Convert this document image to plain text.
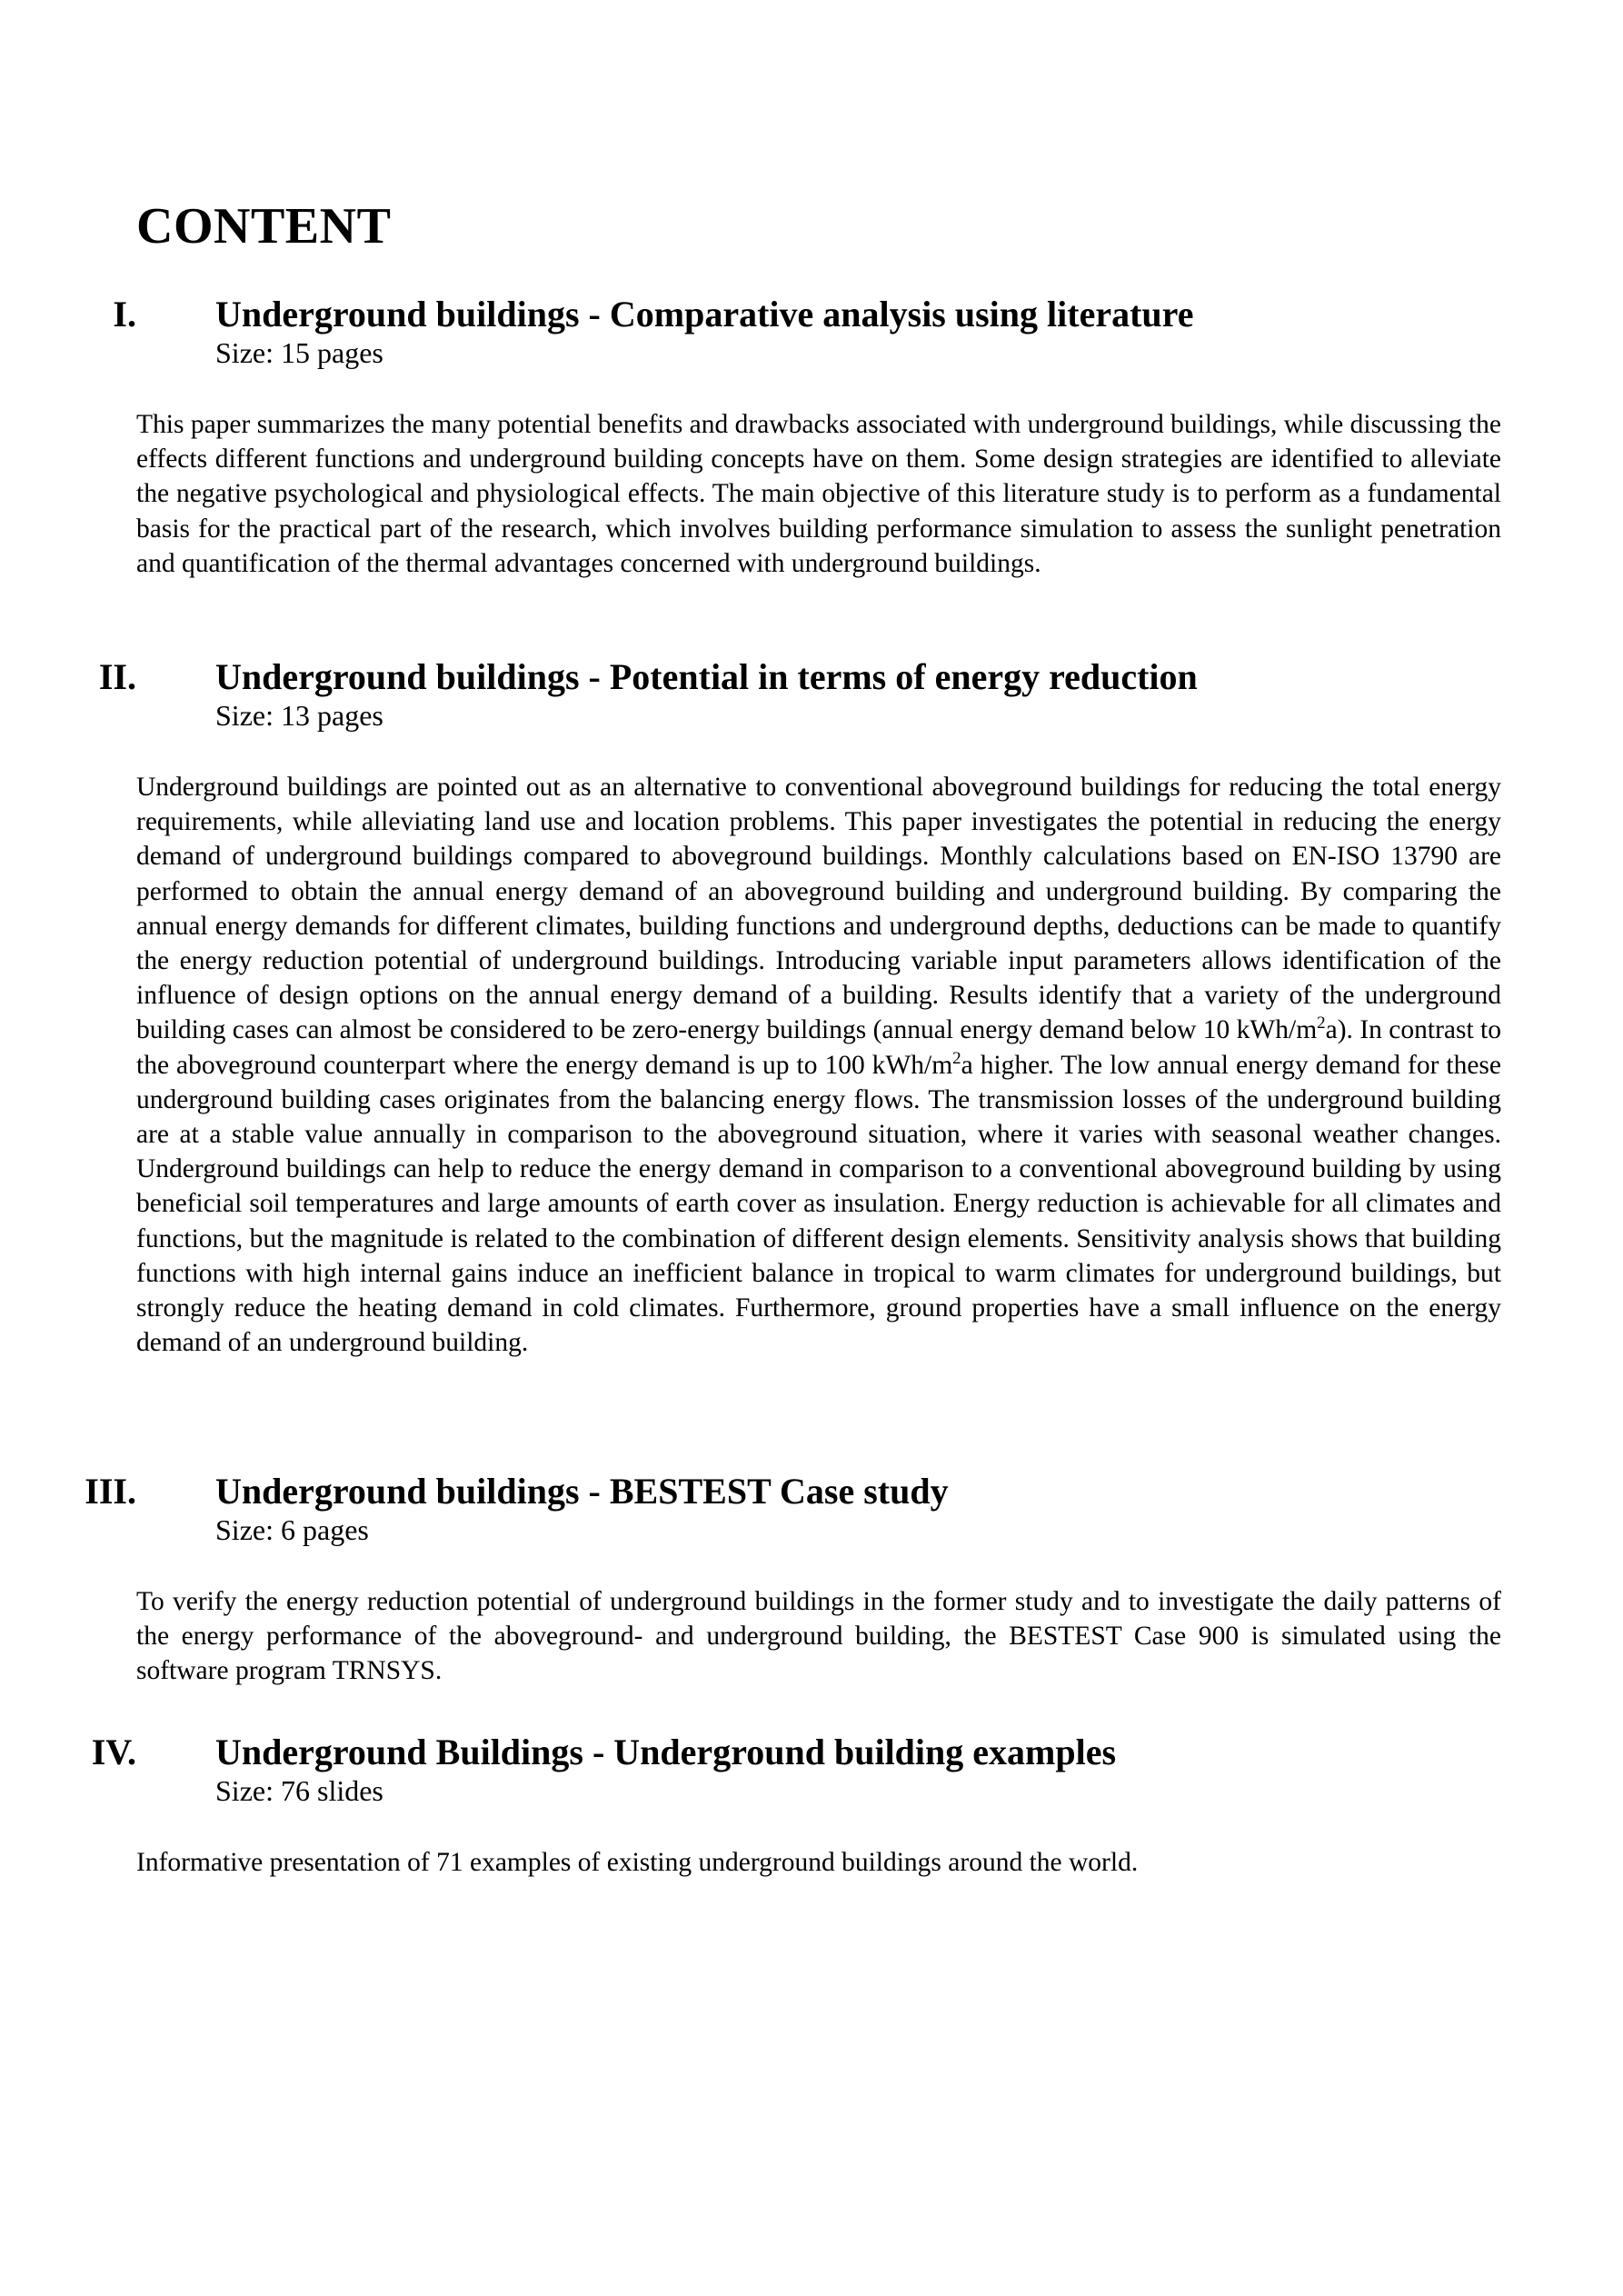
CONTENT
I. Underground buildings - Comparative analysis using literature
Size: 15 pages

This paper summarizes the many potential benefits and drawbacks associated with underground buildings, while discussing the effects different functions and underground building concepts have on them. Some design strategies are identified to alleviate the negative psychological and physiological effects. The main objective of this literature study is to perform as a fundamental basis for the practical part of the research, which involves building performance simulation to assess the sunlight penetration and quantification of the thermal advantages concerned with underground buildings.

II. Underground buildings - Potential in terms of energy reduction
Size: 13 pages

Underground buildings are pointed out as an alternative to conventional aboveground buildings for reducing the total energy requirements, while alleviating land use and location problems. This paper investigates the potential in reducing the energy demand of underground buildings compared to aboveground buildings. Monthly calculations based on EN-ISO 13790 are performed to obtain the annual energy demand of an aboveground building and underground building. By comparing the annual energy demands for different climates, building functions and underground depths, deductions can be made to quantify the energy reduction potential of underground buildings. Introducing variable input parameters allows identification of the influence of design options on the annual energy demand of a building. Results identify that a variety of the underground building cases can almost be considered to be zero-energy buildings (annual energy demand below 10 kWh/$m^2a$). In contrast to the aboveground counterpart where the energy demand is up to 100 kWh/$m^2a$ higher. The low annual energy demand for these underground building cases originates from the balancing energy flows. The transmission losses of the underground building are at a stable value annually in comparison to the aboveground situation, where it varies with seasonal weather changes. Underground buildings can help to reduce the energy demand in comparison to a conventional aboveground building by using beneficial soil temperatures and large amounts of earth cover as insulation. Energy reduction is achievable for all climates and functions, but the magnitude is related to the combination of different design elements. Sensitivity analysis shows that building functions with high internal gains induce an inefficient balance in tropical to warm climates for underground buildings, but strongly reduce the heating demand in cold climates. Furthermore, ground properties have a small influence on the energy demand of an underground building.

III. Underground buildings - BESTEST Case study
Size: 6 pages

To verify the energy reduction potential of underground buildings in the former study and to investigate the daily patterns of the energy performance of the aboveground- and underground building, the BESTEST Case 900 is simulated using the software program TRNSYS.

IV. Underground Buildings - Underground building examples
Size: 76 slides

Informative presentation of 71 examples of existing underground buildings around the world.
